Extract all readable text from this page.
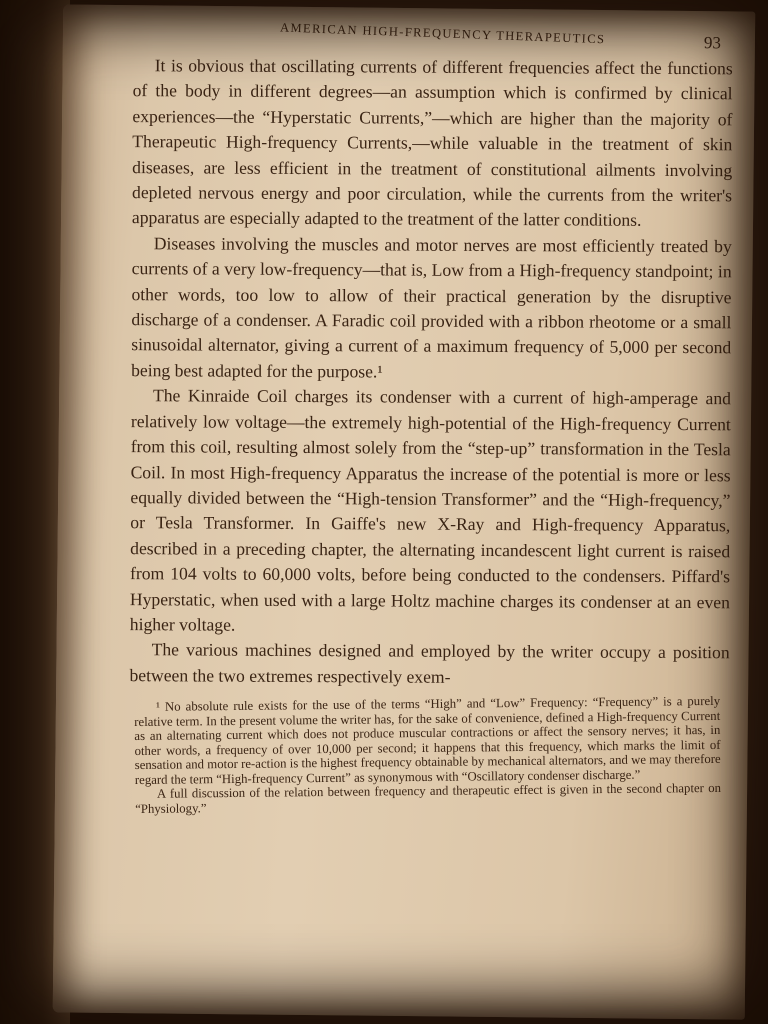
AMERICAN HIGH-FREQUENCY THERAPEUTICS	93

It is obvious that oscillating currents of different frequencies affect the functions of the body in different degrees—an assumption which is confirmed by clinical experiences—the “Hyperstatic Currents,”—which are higher than the majority of Therapeutic High-frequency Currents,—while valuable in the treatment of skin diseases, are less efficient in the treatment of constitutional ailments involving depleted nervous energy and poor circulation, while the currents from the writer's apparatus are especially adapted to the treatment of the latter conditions.

Diseases involving the muscles and motor nerves are most efficiently treated by currents of a very low-frequency—that is, Low from a High-frequency standpoint; in other words, too low to allow of their practical generation by the disruptive discharge of a condenser. A Faradic coil provided with a ribbon rheotome or a small sinusoidal alternator, giving a current of a maximum frequency of 5,000 per second being best adapted for the purpose.¹

The Kinraide Coil charges its condenser with a current of high-amperage and relatively low voltage—the extremely high-potential of the High-frequency Current from this coil, resulting almost solely from the “step-up” transformation in the Tesla Coil. In most High-frequency Apparatus the increase of the potential is more or less equally divided between the “High-tension Transformer” and the “High-frequency,” or Tesla Transformer. In Gaiffe's new X-Ray and High-frequency Apparatus, described in a preceding chapter, the alternating incandescent light current is raised from 104 volts to 60,000 volts, before being conducted to the condensers. Piffard's Hyperstatic, when used with a large Holtz machine charges its condenser at an even higher voltage.

The various machines designed and employed by the writer occupy a position between the two extremes respectively exem-

¹ No absolute rule exists for the use of the terms “High” and “Low” Frequency: “Frequency” is a purely relative term. In the present volume the writer has, for the sake of convenience, defined a High-frequency Current as an alternating current which does not produce muscular contractions or affect the sensory nerves; it has, in other words, a frequency of over 10,000 per second; it happens that this frequency, which marks the limit of sensation and motor re-action is the highest frequency obtainable by mechanical alternators, and we may therefore regard the term “High-frequency Current” as synonymous with “Oscillatory condenser discharge.”

A full discussion of the relation between frequency and therapeutic effect is given in the second chapter on “Physiology.”
